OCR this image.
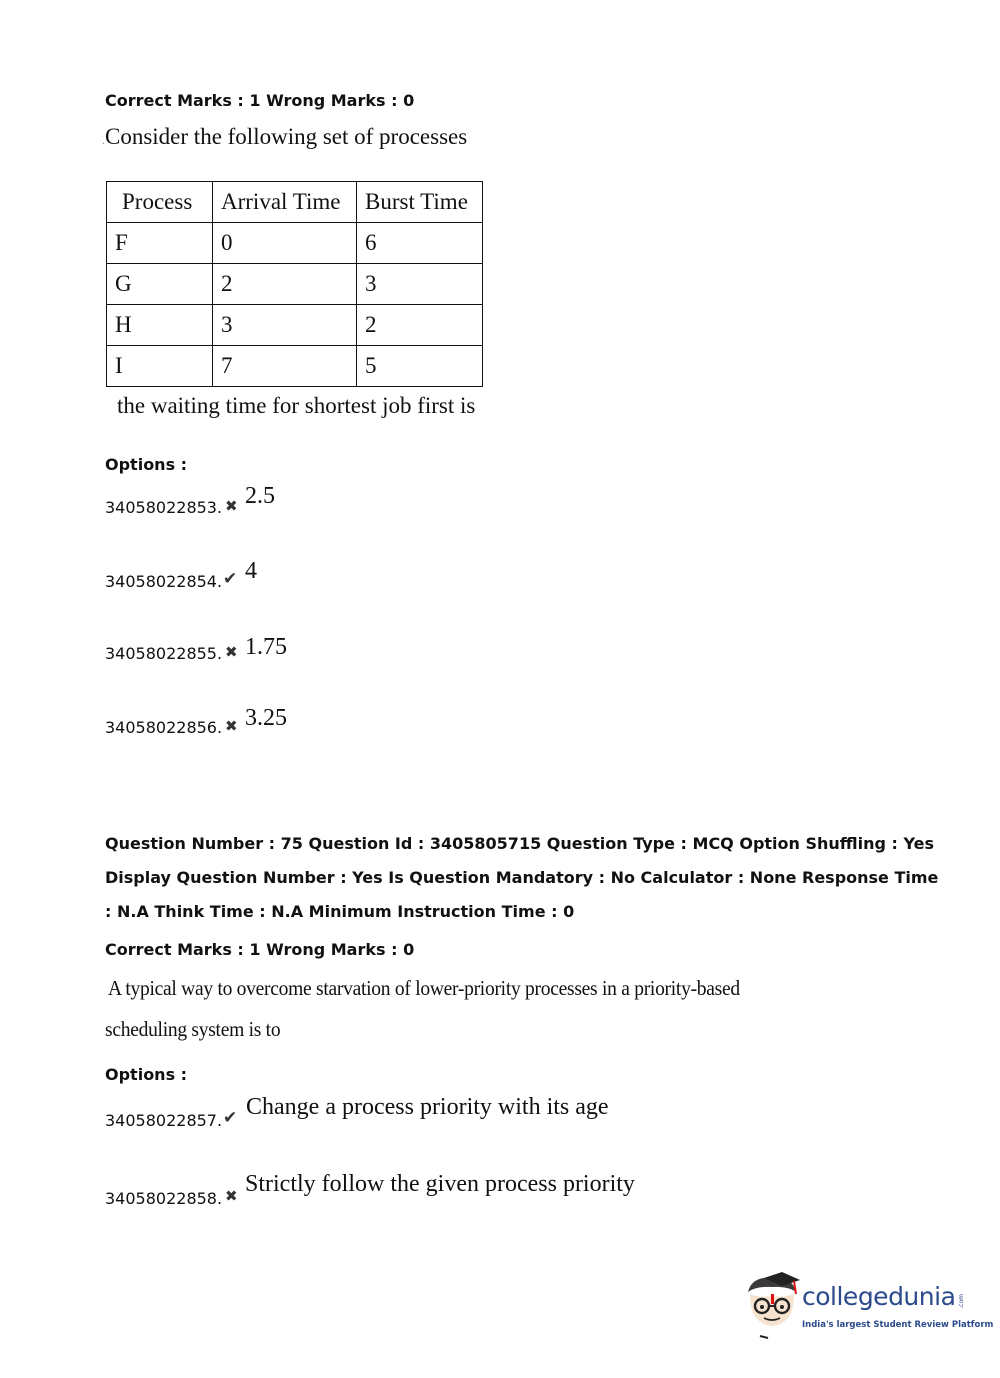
Correct Marks : 1 Wrong Marks : 0
.Consider the following set of processes
Process	Arrival Time	Burst Time
F	0	6
G	2	3
H	3	2
I	7	5
the waiting time for shortest job first is
Options :
34058022853. ✖ 2.5
34058022854. ✔ 4
34058022855. ✖ 1.75
34058022856. ✖ 3.25
Question Number : 75 Question Id : 3405805715 Question Type : MCQ Option Shuffling : Yes
Display Question Number : Yes Is Question Mandatory : No Calculator : None Response Time
: N.A Think Time : N.A Minimum Instruction Time : 0
Correct Marks : 1 Wrong Marks : 0
A typical way to overcome starvation of lower-priority processes in a priority-based
scheduling system is to
Options :
34058022857. ✔ Change a process priority with its age
34058022858. ✖ Strictly follow the given process priority
collegedunia .com
India's largest Student Review Platform
